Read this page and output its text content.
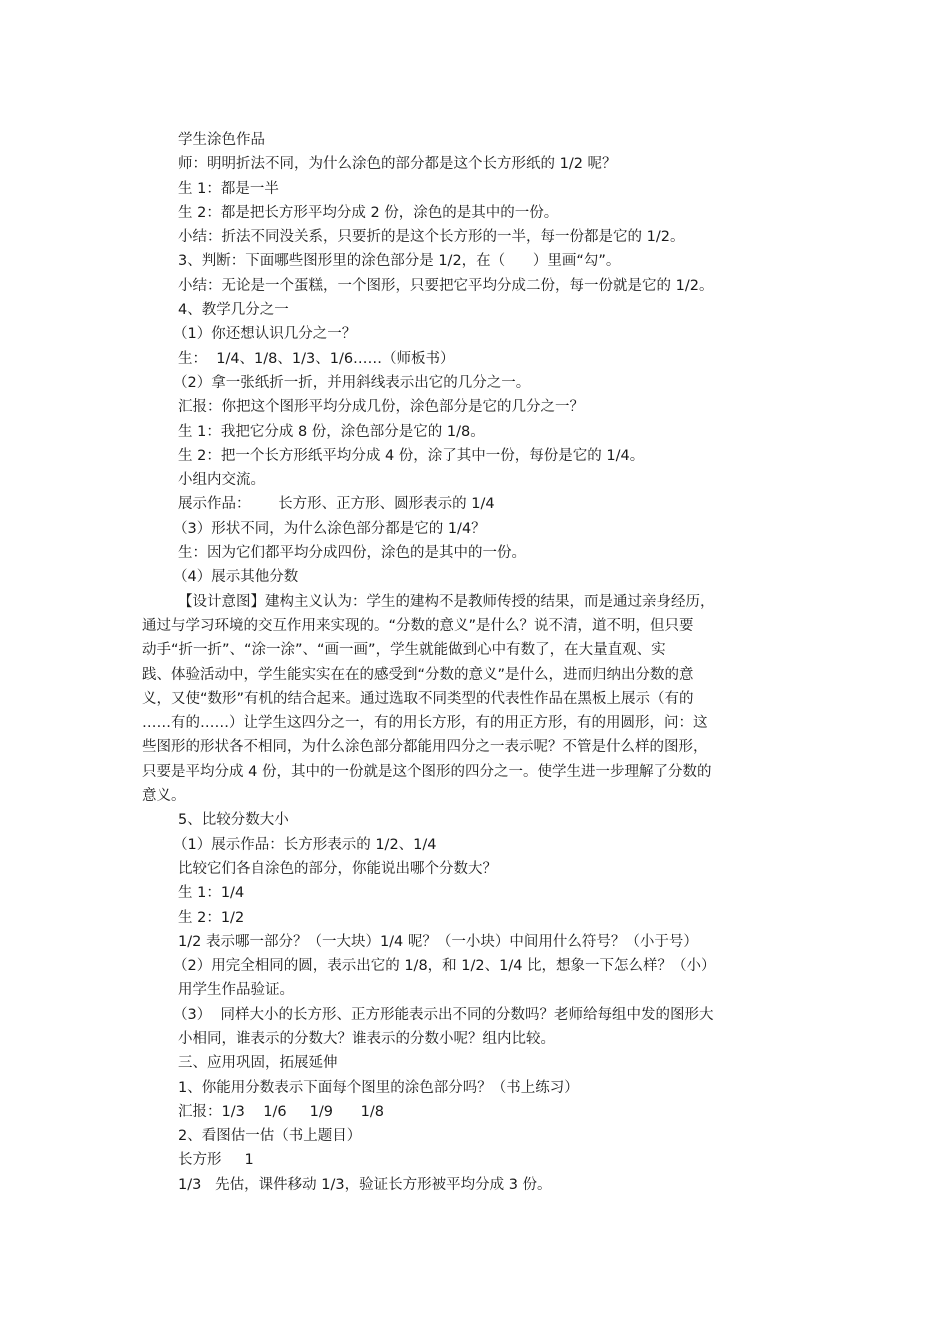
学生涂色作品
师：明明折法不同，为什么涂色的部分都是这个长方形纸的 1/2 呢？
生 1：都是一半
生 2：都是把长方形平均分成 2 份，涂色的是其中的一份。
小结：折法不同没关系，只要折的是这个长方形的一半，每一份都是它的 1/2。
3、判断：下面哪些图形里的涂色部分是 1/2，在（      ）里画“勾”。
小结：无论是一个蛋糕，一个图形，只要把它平均分成二份，每一份就是它的 1/2。
4、教学几分之一
（1）你还想认识几分之一？
生：  1/4、1/8、1/3、1/6……（师板书）
（2）拿一张纸折一折，并用斜线表示出它的几分之一。
汇报：你把这个图形平均分成几份，涂色部分是它的几分之一？
生 1：我把它分成 8 份，涂色部分是它的 1/8。
生 2：把一个长方形纸平均分成 4 份，涂了其中一份，每份是它的 1/4。
小组内交流。
展示作品：      长方形、正方形、圆形表示的 1/4
（3）形状不同，为什么涂色部分都是它的 1/4？
生：因为它们都平均分成四份，涂色的是其中的一份。
（4）展示其他分数
【设计意图】建构主义认为：学生的建构不是教师传授的结果，而是通过亲身经历，
通过与学习环境的交互作用来实现的。“分数的意义”是什么？说不清，道不明，但只要
动手“折一折”、“涂一涂”、“画一画”，学生就能做到心中有数了，在大量直观、实
践、体验活动中，学生能实实在在的感受到“分数的意义”是什么，进而归纳出分数的意
义，又使“数形”有机的结合起来。通过选取不同类型的代表性作品在黑板上展示（有的
……有的……）让学生这四分之一，有的用长方形，有的用正方形，有的用圆形，问：这
些图形的形状各不相同，为什么涂色部分都能用四分之一表示呢？不管是什么样的图形，
只要是平均分成 4 份，其中的一份就是这个图形的四分之一。使学生进一步理解了分数的
意义。
5、比较分数大小
（1）展示作品：长方形表示的 1/2、1/4
比较它们各自涂色的部分，你能说出哪个分数大？
生 1：1/4
生 2：1/2
1/2 表示哪一部分？（一大块）1/4 呢？（一小块）中间用什么符号？（小于号）
（2）用完全相同的圆，表示出它的 1/8，和 1/2、1/4 比，想象一下怎么样？（小）
用学生作品验证。
（3）  同样大小的长方形、正方形能表示出不同的分数吗？老师给每组中发的图形大
小相同，谁表示的分数大？谁表示的分数小呢？组内比较。
三、应用巩固，拓展延伸
1、你能用分数表示下面每个图里的涂色部分吗？（书上练习）
汇报：1/3    1/6     1/9      1/8
2、看图估一估（书上题目）
长方形     1
1/3   先估，课件移动 1/3，验证长方形被平均分成 3 份。
